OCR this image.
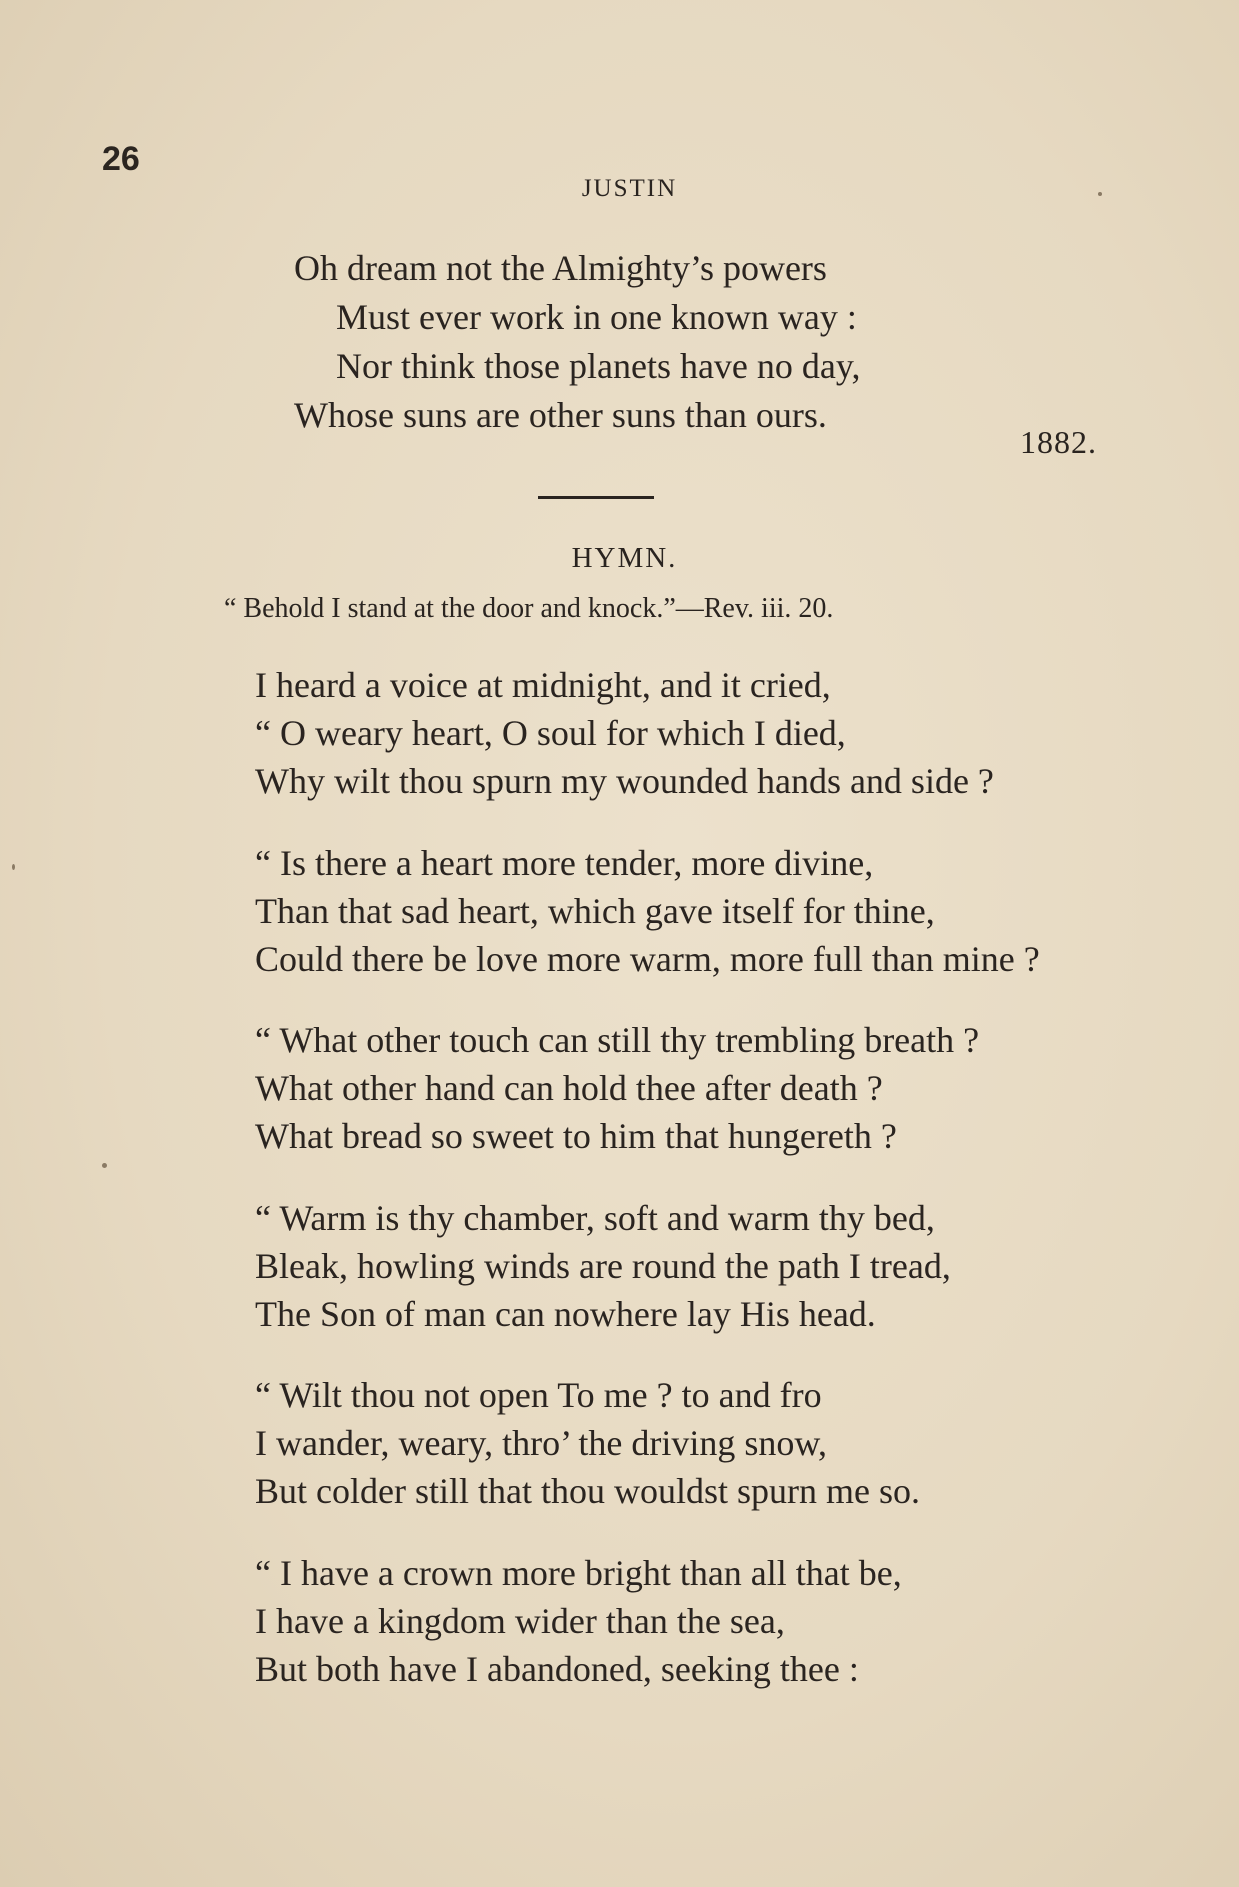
26
JUSTIN
Oh dream not the Almighty’s powers
Must ever work in one known way :
Nor think those planets have no day,
Whose suns are other suns than ours.
1882.
HYMN.
“ Behold I stand at the door and knock.”—Rev. iii. 20.
I heard a voice at midnight, and it cried,
“ O weary heart, O soul for which I died,
Why wilt thou spurn my wounded hands and side ?
“ Is there a heart more tender, more divine,
Than that sad heart, which gave itself for thine,
Could there be love more warm, more full than mine ?
“ What other touch can still thy trembling breath ?
What other hand can hold thee after death ?
What bread so sweet to him that hungereth ?
“ Warm is thy chamber, soft and warm thy bed,
Bleak, howling winds are round the path I tread,
The Son of man can nowhere lay His head.
“ Wilt thou not open To me ? to and fro
I wander, weary, thro’ the driving snow,
But colder still that thou wouldst spurn me so.
“ I have a crown more bright than all that be,
I have a kingdom wider than the sea,
But both have I abandoned, seeking thee :
